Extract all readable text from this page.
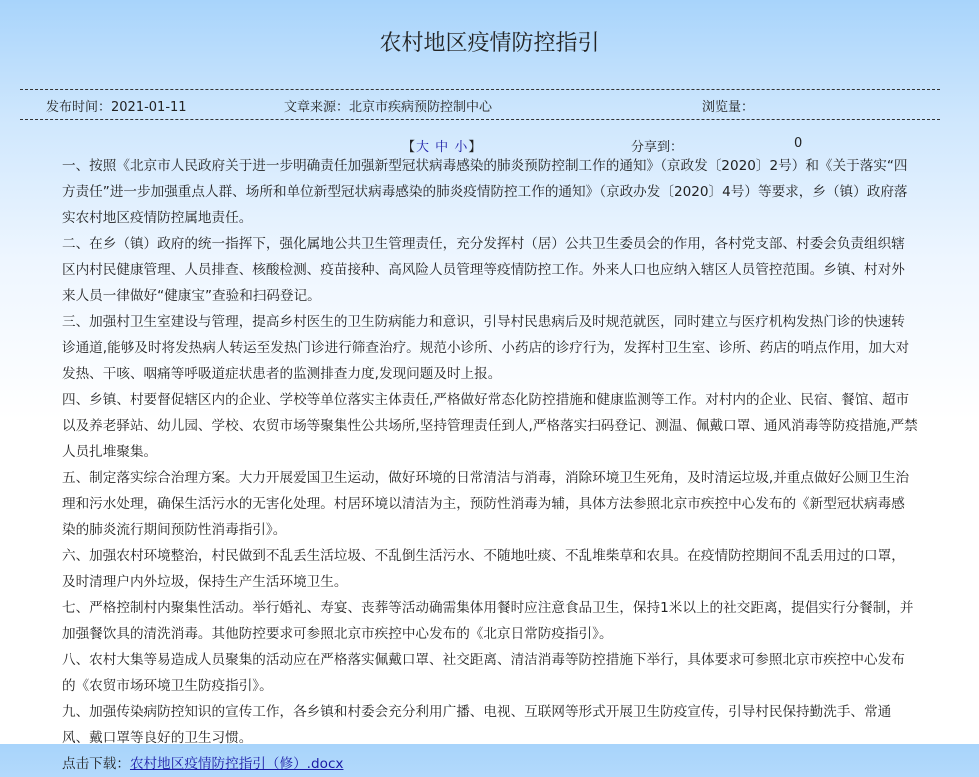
农村地区疫情防控指引
发布时间：2021-01-11	文章来源：北京市疾病预防控制中心	浏览量：
【大 中 小】	分享到：	0

一、按照《北京市人民政府关于进一步明确责任加强新型冠状病毒感染的肺炎预防控制工作的通知》（京政发〔2020〕2号）和《关于落实“四方责任”进一步加强重点人群、场所和单位新型冠状病毒感染的肺炎疫情防控工作的通知》（京政办发〔2020〕4号）等要求，乡（镇）政府落实农村地区疫情防控属地责任。

二、在乡（镇）政府的统一指挥下，强化属地公共卫生管理责任，充分发挥村（居）公共卫生委员会的作用，各村党支部、村委会负责组织辖区内村民健康管理、人员排查、核酸检测、疫苗接种、高风险人员管理等疫情防控工作。外来人口也应纳入辖区人员管控范围。乡镇、村对外来人员一律做好“健康宝”查验和扫码登记。

三、加强村卫生室建设与管理，提高乡村医生的卫生防病能力和意识，引导村民患病后及时规范就医，同时建立与医疗机构发热门诊的快速转诊通道,能够及时将发热病人转运至发热门诊进行筛查治疗。规范小诊所、小药店的诊疗行为，发挥村卫生室、诊所、药店的哨点作用，加大对发热、干咳、咽痛等呼吸道症状患者的监测排查力度,发现问题及时上报。

四、乡镇、村要督促辖区内的企业、学校等单位落实主体责任,严格做好常态化防控措施和健康监测等工作。对村内的企业、民宿、餐馆、超市以及养老驿站、幼儿园、学校、农贸市场等聚集性公共场所,坚持管理责任到人,严格落实扫码登记、测温、佩戴口罩、通风消毒等防疫措施,严禁人员扎堆聚集。

五、制定落实综合治理方案。大力开展爱国卫生运动，做好环境的日常清洁与消毒，消除环境卫生死角，及时清运垃圾,并重点做好公厕卫生治理和污水处理，确保生活污水的无害化处理。村居环境以清洁为主，预防性消毒为辅，具体方法参照北京市疾控中心发布的《新型冠状病毒感染的肺炎流行期间预防性消毒指引》。

六、加强农村环境整治，村民做到不乱丢生活垃圾、不乱倒生活污水、不随地吐痰、不乱堆柴草和农具。在疫情防控期间不乱丢用过的口罩，及时清理户内外垃圾，保持生产生活环境卫生。

七、严格控制村内聚集性活动。举行婚礼、寿宴、丧葬等活动确需集体用餐时应注意食品卫生，保持1米以上的社交距离，提倡实行分餐制，并加强餐饮具的清洗消毒。其他防控要求可参照北京市疾控中心发布的《北京日常防疫指引》。

八、农村大集等易造成人员聚集的活动应在严格落实佩戴口罩、社交距离、清洁消毒等防控措施下举行，具体要求可参照北京市疾控中心发布的《农贸市场环境卫生防疫指引》。

九、加强传染病防控知识的宣传工作，各乡镇和村委会充分利用广播、电视、互联网等形式开展卫生防疫宣传，引导村民保持勤洗手、常通风、戴口罩等良好的卫生习惯。

点击下载：农村地区疫情防控指引（修）.docx
